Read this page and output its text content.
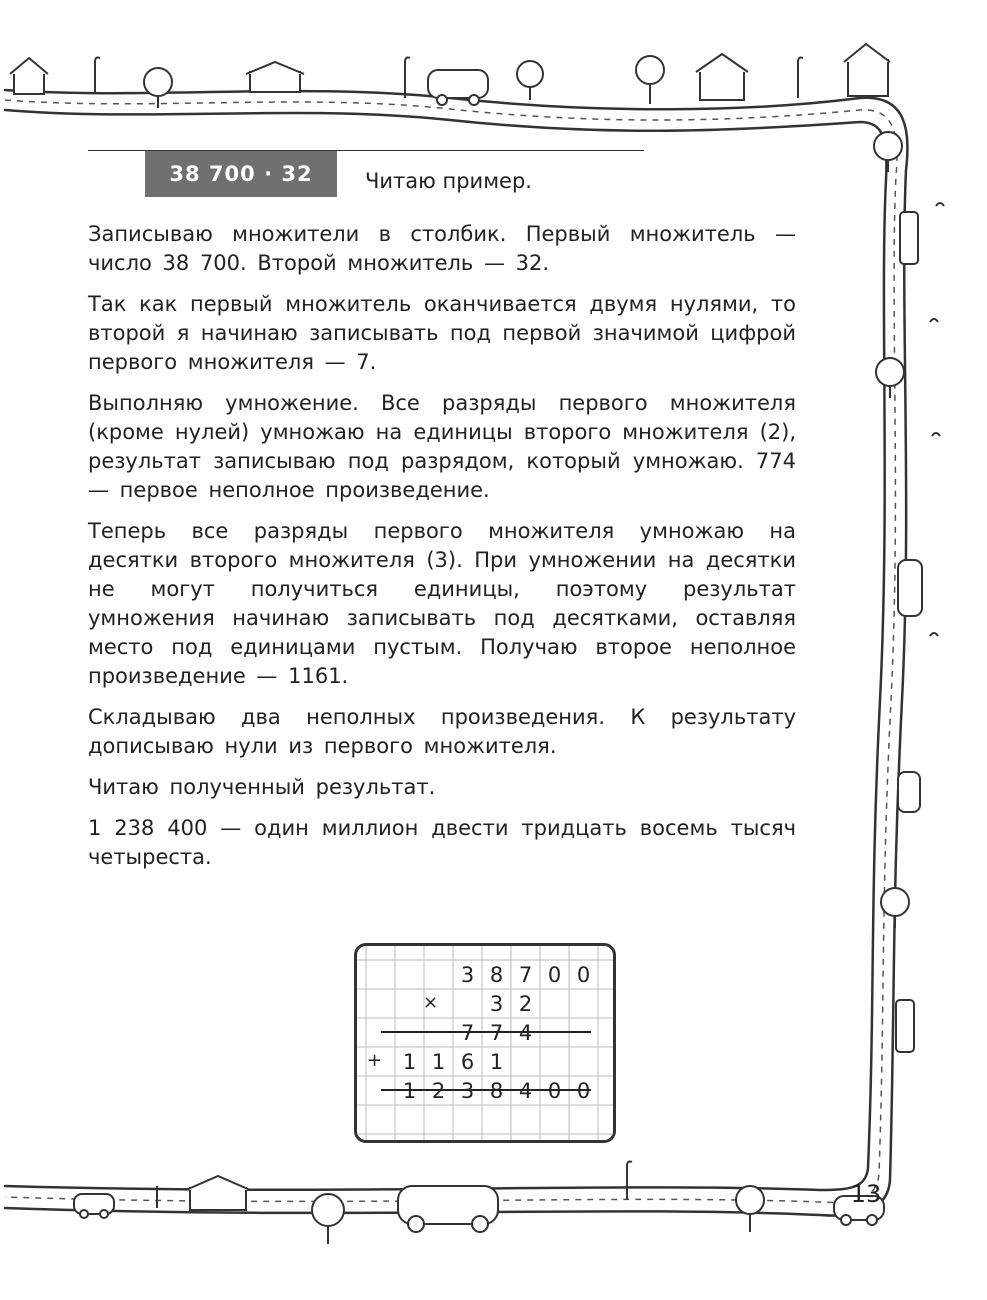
38 700 · 32	Читаю пример.

Записываю множители в столбик. Первый множитель — число 38 700. Второй множитель — 32.

Так как первый множитель оканчивается двумя нулями, то второй я начинаю записывать под первой значимой цифрой первого множителя — 7.

Выполняю умножение. Все разряды первого множителя (кроме нулей) умножаю на единицы второго множителя (2), результат записываю под разрядом, который умножаю. 774 — первое неполное произведение.

Теперь все разряды первого множителя умножаю на десятки второго множителя (3). При умножении на десятки не могут получиться единицы, поэтому результат умножения начинаю записывать под десятками, оставляя место под единицами пустым. Получаю второе неполное произведение — 1161.

Складываю два неполных произведения. К результату дописываю нули из первого множителя.

Читаю полученный результат.

1 238 400 — один миллион двести тридцать восемь тысяч четыреста.

×
+
3 8 7 0 0
3 2
7 7 4
1 1 6 1
1 2 3 8 4 0 0
13
